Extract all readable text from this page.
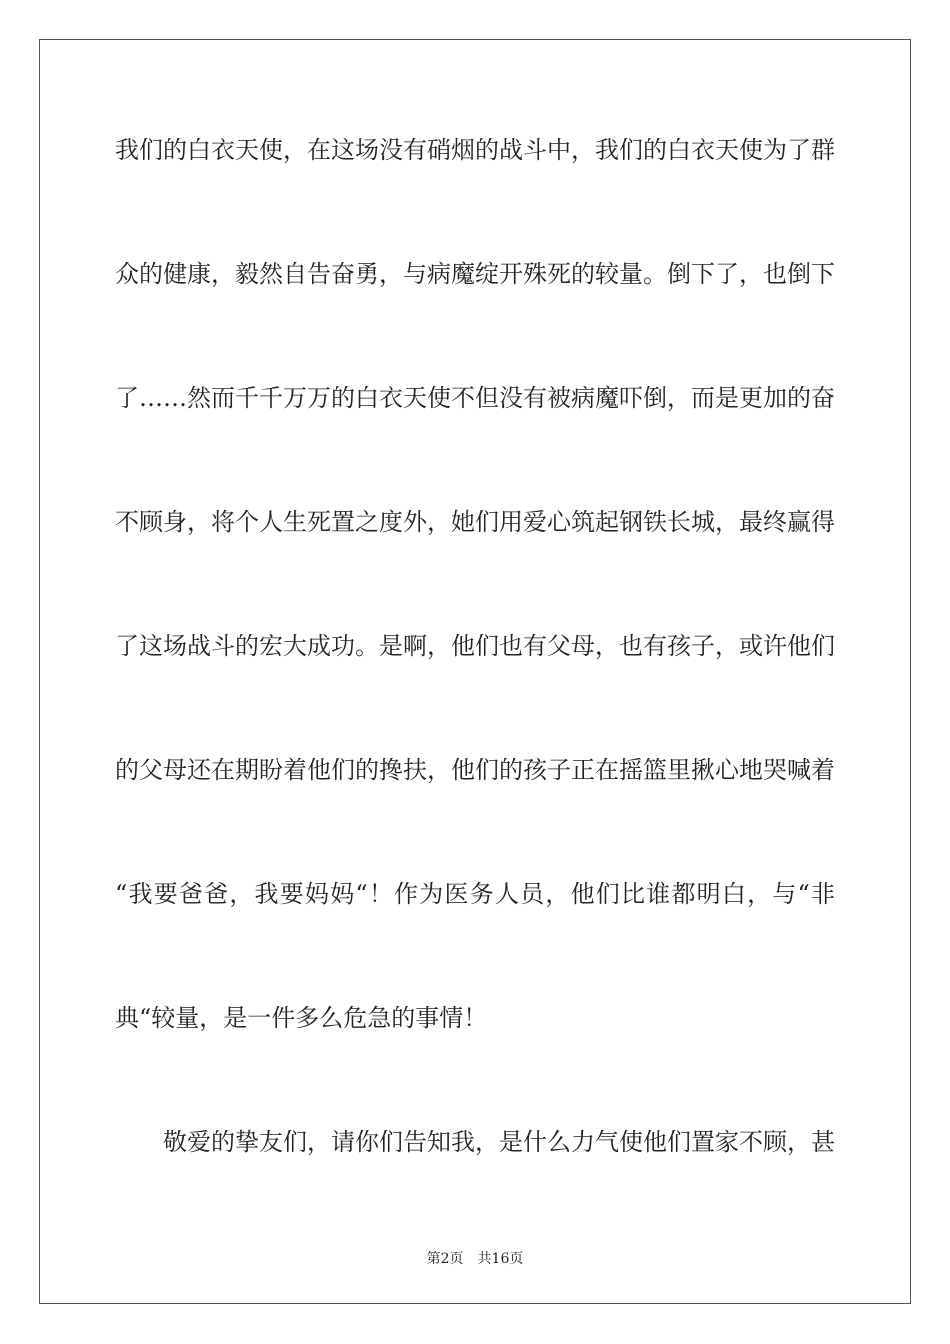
我们的白衣天使，在这场没有硝烟的战斗中，我们的白衣天使为了群
众的健康，毅然自告奋勇，与病魔绽开殊死的较量。倒下了，也倒下
了……然而千千万万的白衣天使不但没有被病魔吓倒，而是更加的奋
不顾身，将个人生死置之度外，她们用爱心筑起钢铁长城，最终赢得
了这场战斗的宏大成功。是啊，他们也有父母，也有孩子，或许他们
的父母还在期盼着他们的搀扶，他们的孩子正在摇篮里揪心地哭喊着
“我要爸爸，我要妈妈“！作为医务人员，他们比谁都明白，与“非
典“较量，是一件多么危急的事情！
敬爱的挚友们，请你们告知我，是什么力气使他们置家不顾，甚
第2页 共16页
